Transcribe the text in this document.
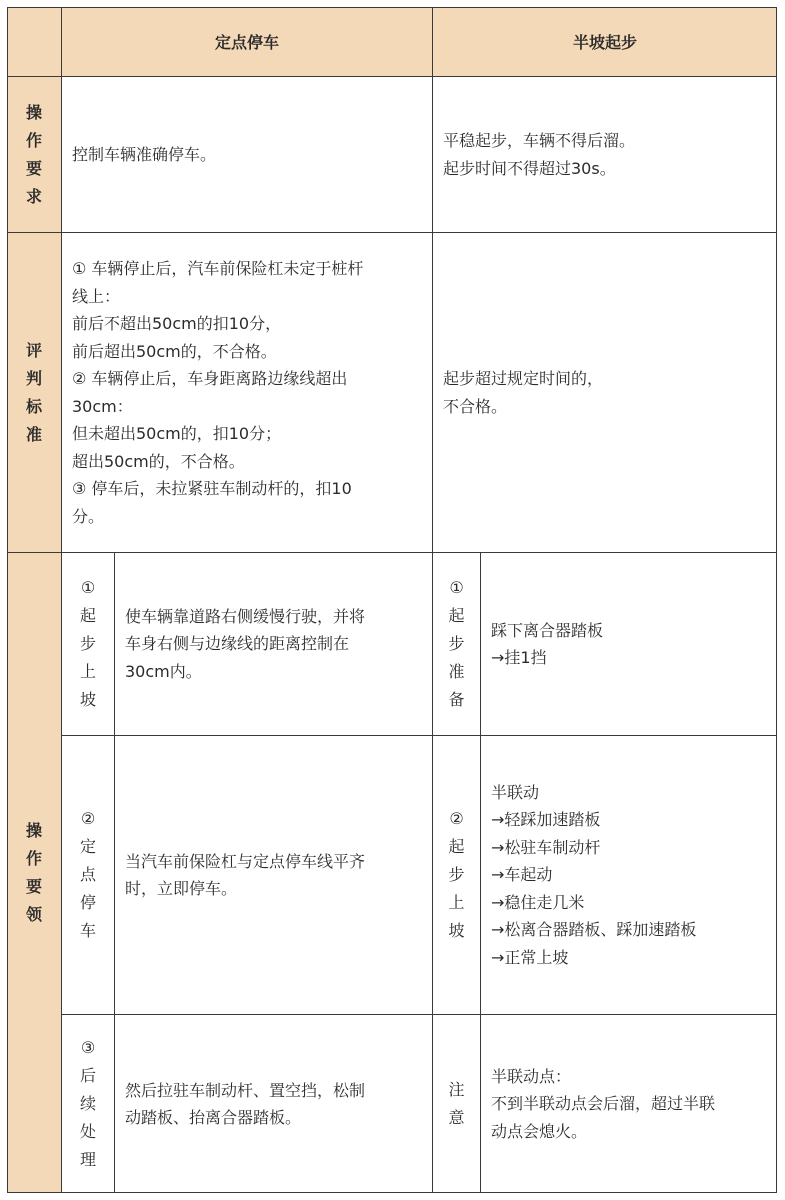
定点停车	半坡起步
操
作
要
求
控制车辆准确停车。
平稳起步，车辆不得后溜。
起步时间不得超过30s。
评
判
标
准
① 车辆停止后，汽车前保险杠未定于桩杆
线上：
前后不超出50cm的扣10分，
前后超出50cm的，不合格。
② 车辆停止后，车身距离路边缘线超出
30cm：
但未超出50cm的，扣10分；
超出50cm的，不合格。
③ 停车后，未拉紧驻车制动杆的，扣10
分。
起步超过规定时间的，
不合格。
操
作
要
领
①
起
步
上
坡
使车辆靠道路右侧缓慢行驶，并将
车身右侧与边缘线的距离控制在
30cm内。
①
起
步
准
备
踩下离合器踏板
→挂1挡
②
定
点
停
车
当汽车前保险杠与定点停车线平齐
时，立即停车。
②
起
步
上
坡
半联动
→轻踩加速踏板
→松驻车制动杆
→车起动
→稳住走几米
→松离合器踏板、踩加速踏板
→正常上坡
③
后
续
处
理
然后拉驻车制动杆、置空挡，松制
动踏板、抬离合器踏板。
注
意
半联动点：
不到半联动点会后溜，超过半联
动点会熄火。
